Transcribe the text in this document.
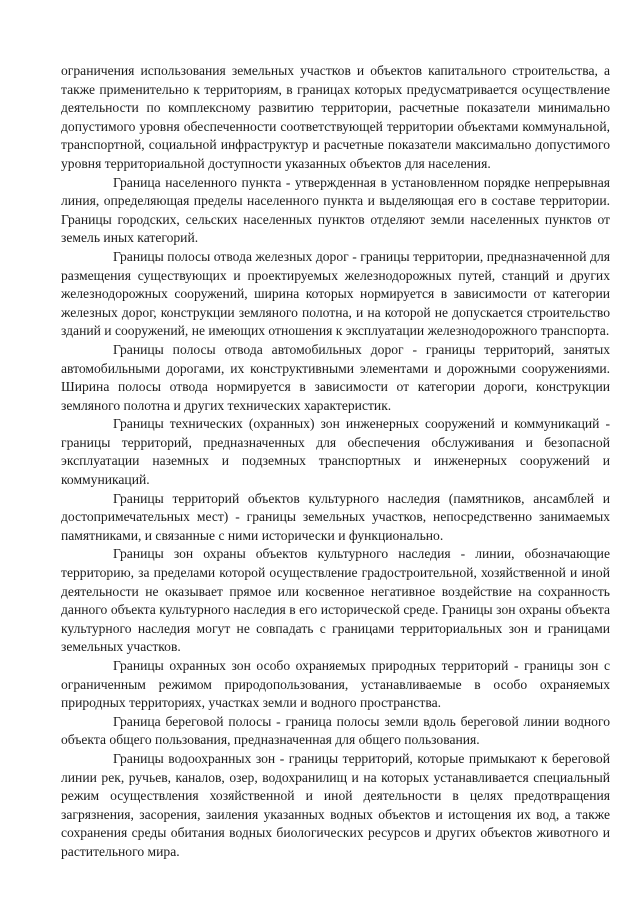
ограничения использования земельных участков и объектов капитального строительства, а также применительно к территориям, в границах которых предусматривается осуществление деятельности по комплексному развитию территории, расчетные показатели минимально допустимого уровня обеспеченности соответствующей территории объектами коммунальной, транспортной, социальной инфраструктур и расчетные показатели максимально допустимого уровня территориальной доступности указанных объектов для населения.

Граница населенного пункта - утвержденная в установленном порядке непрерывная линия, определяющая пределы населенного пункта и выделяющая его в составе территории. Границы городских, сельских населенных пунктов отделяют земли населенных пунктов от земель иных категорий.

Границы полосы отвода железных дорог - границы территории, предназначенной для размещения существующих и проектируемых железнодорожных путей, станций и других железнодорожных сооружений, ширина которых нормируется в зависимости от категории железных дорог, конструкции земляного полотна, и на которой не допускается строительство зданий и сооружений, не имеющих отношения к эксплуатации железнодорожного транспорта.

Границы полосы отвода автомобильных дорог - границы территорий, занятых автомобильными дорогами, их конструктивными элементами и дорожными сооружениями. Ширина полосы отвода нормируется в зависимости от категории дороги, конструкции земляного полотна и других технических характеристик.

Границы технических (охранных) зон инженерных сооружений и коммуникаций - границы территорий, предназначенных для обеспечения обслуживания и безопасной эксплуатации наземных и подземных транспортных и инженерных сооружений и коммуникаций.

Границы территорий объектов культурного наследия (памятников, ансамблей и достопримечательных мест) - границы земельных участков, непосредственно занимаемых памятниками, и связанные с ними исторически и функционально.

Границы зон охраны объектов культурного наследия - линии, обозначающие территорию, за пределами которой осуществление градостроительной, хозяйственной и иной деятельности не оказывает прямое или косвенное негативное воздействие на сохранность данного объекта культурного наследия в его исторической среде. Границы зон охраны объекта культурного наследия могут не совпадать с границами территориальных зон и границами земельных участков.

Границы охранных зон особо охраняемых природных территорий - границы зон с ограниченным режимом природопользования, устанавливаемые в особо охраняемых природных территориях, участках земли и водного пространства.

Граница береговой полосы - граница полосы земли вдоль береговой линии водного объекта общего пользования, предназначенная для общего пользования.

Границы водоохранных зон - границы территорий, которые примыкают к береговой линии рек, ручьев, каналов, озер, водохранилищ и на которых устанавливается специальный режим осуществления хозяйственной и иной деятельности в целях предотвращения загрязнения, засорения, заиления указанных водных объектов и истощения их вод, а также сохранения среды обитания водных биологических ресурсов и других объектов животного и растительного мира.
